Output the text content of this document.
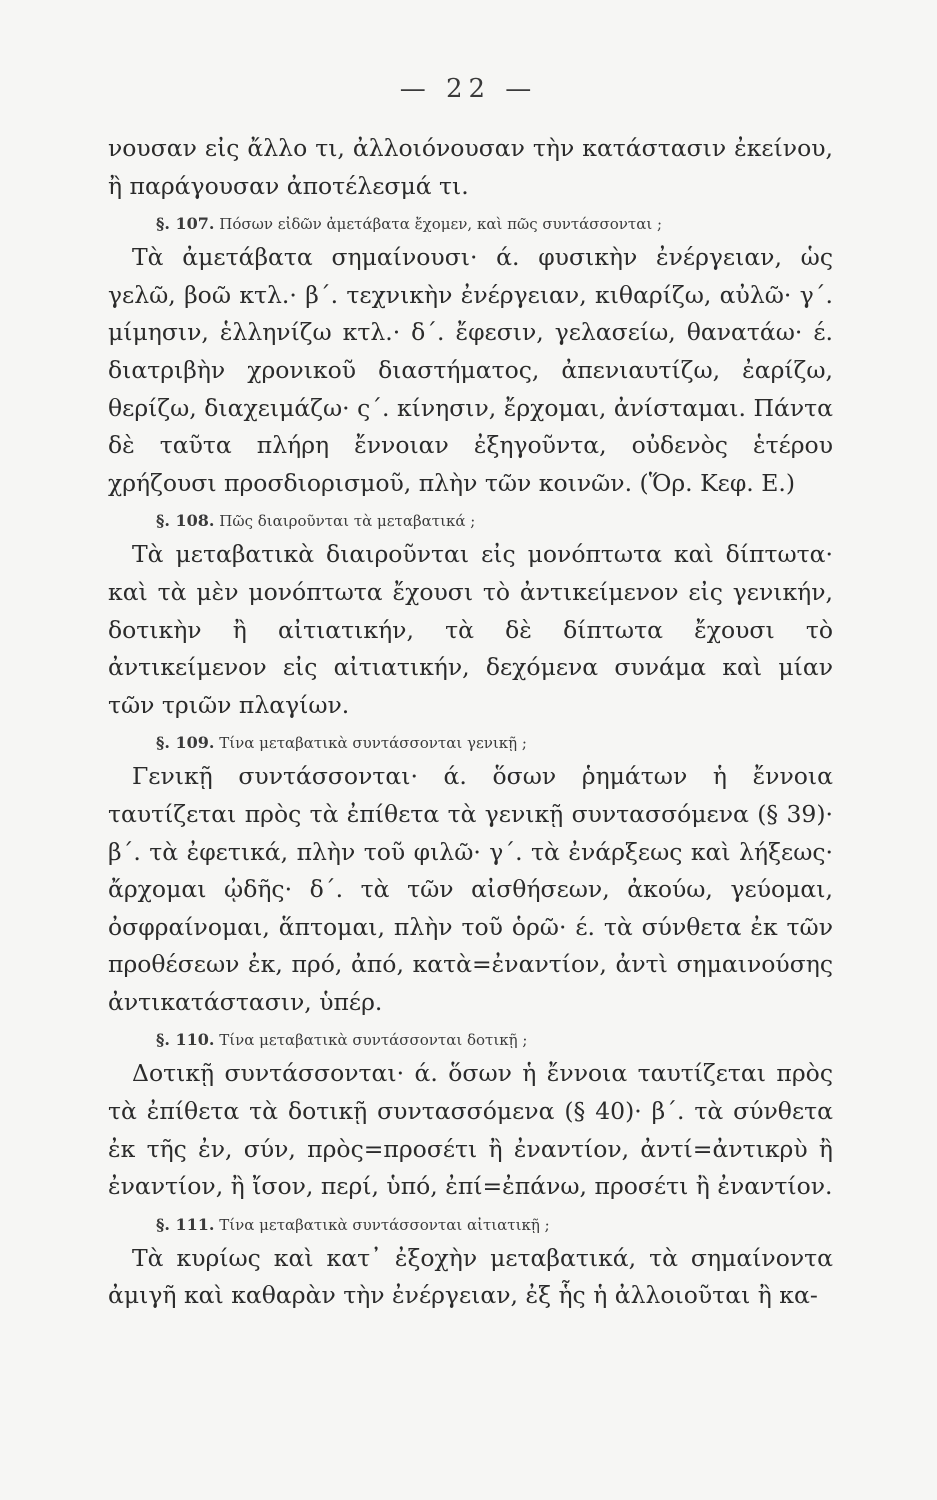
— 22 —

νουσαν εἰς ἄλλο τι, ἀλλοιόνουσαν τὴν κατάστασιν ἐκείνου, ἢ παράγουσαν ἀποτέλεσμά τι.

§. 107. Πόσων εἰδῶν ἀμετάβατα ἔχομεν, καὶ πῶς συντάσσονται ;

Τὰ ἀμετάβατα σημαίνουσι· ά. φυσικὴν ἐνέργειαν, ὡς γελῶ, βοῶ κτλ.· β΄. τεχνικὴν ἐνέργειαν, κιθαρίζω, αὐλῶ· γ΄. μίμησιν, ἑλληνίζω κτλ.· δ΄. ἔφεσιν, γελασείω, θανατάω· έ. διατριβὴν χρονικοῦ διαστήματος, ἀπενιαυτίζω, ἐαρίζω, θερίζω, διαχειμάζω· ς΄. κίνησιν, ἔρχομαι, ἀνίσταμαι. Πάντα δὲ ταῦτα πλήρη ἔννοιαν ἐξηγοῦντα, οὐδενὸς ἑτέρου χρήζουσι προσδιορισμοῦ, πλὴν τῶν κοινῶν. (Ὅρ. Κεφ. Ε.)

§. 108. Πῶς διαιροῦνται τὰ μεταβατικά ;

Τὰ μεταβατικὰ διαιροῦνται εἰς μονόπτωτα καὶ δίπτωτα· καὶ τὰ μὲν μονόπτωτα ἔχουσι τὸ ἀντικείμενον εἰς γενικήν, δοτικὴν ἢ αἰτιατικήν, τὰ δὲ δίπτωτα ἔχουσι τὸ ἀντικείμενον εἰς αἰτιατικήν, δεχόμενα συνάμα καὶ μίαν τῶν τριῶν πλαγίων.

§. 109. Τίνα μεταβατικὰ συντάσσονται γενικῇ ;

Γενικῇ συντάσσονται· ά. ὅσων ῥημάτων ἡ ἔννοια ταυτίζεται πρὸς τὰ ἐπίθετα τὰ γενικῇ συντασσόμενα (§ 39)· β΄. τὰ ἐφετικά, πλὴν τοῦ φιλῶ· γ΄. τὰ ἐνάρξεως καὶ λήξεως· ἄρχομαι ᾠδῆς· δ΄. τὰ τῶν αἰσθήσεων, ἀκούω, γεύομαι, ὀσφραίνομαι, ἅπτομαι, πλὴν τοῦ ὁρῶ· έ. τὰ σύνθετα ἐκ τῶν προθέσεων ἐκ, πρό, ἀπό, κατὰ=ἐναντίον, ἀντὶ σημαινούσης ἀντικατάστασιν, ὑπέρ.

§. 110. Τίνα μεταβατικὰ συντάσσονται δοτικῇ ;

Δοτικῇ συντάσσονται· ά. ὅσων ἡ ἔννοια ταυτίζεται πρὸς τὰ ἐπίθετα τὰ δοτικῇ συντασσόμενα (§ 40)· β΄. τὰ σύνθετα ἐκ τῆς ἐν, σύν, πρὸς=προσέτι ἢ ἐναντίον, ἀντί=ἀντικρὺ ἢ ἐναντίον, ἢ ἴσον, περί, ὑπό, ἐπί=ἐπάνω, προσέτι ἢ ἐναντίον.

§. 111. Τίνα μεταβατικὰ συντάσσονται αἰτιατικῇ ;

Τὰ κυρίως καὶ κατ᾽ ἐξοχὴν μεταβατικά, τὰ σημαίνοντα ἀμιγῆ καὶ καθαρὰν τὴν ἐνέργειαν, ἐξ ἧς ἡ ἀλλοιοῦται ἢ κα-
